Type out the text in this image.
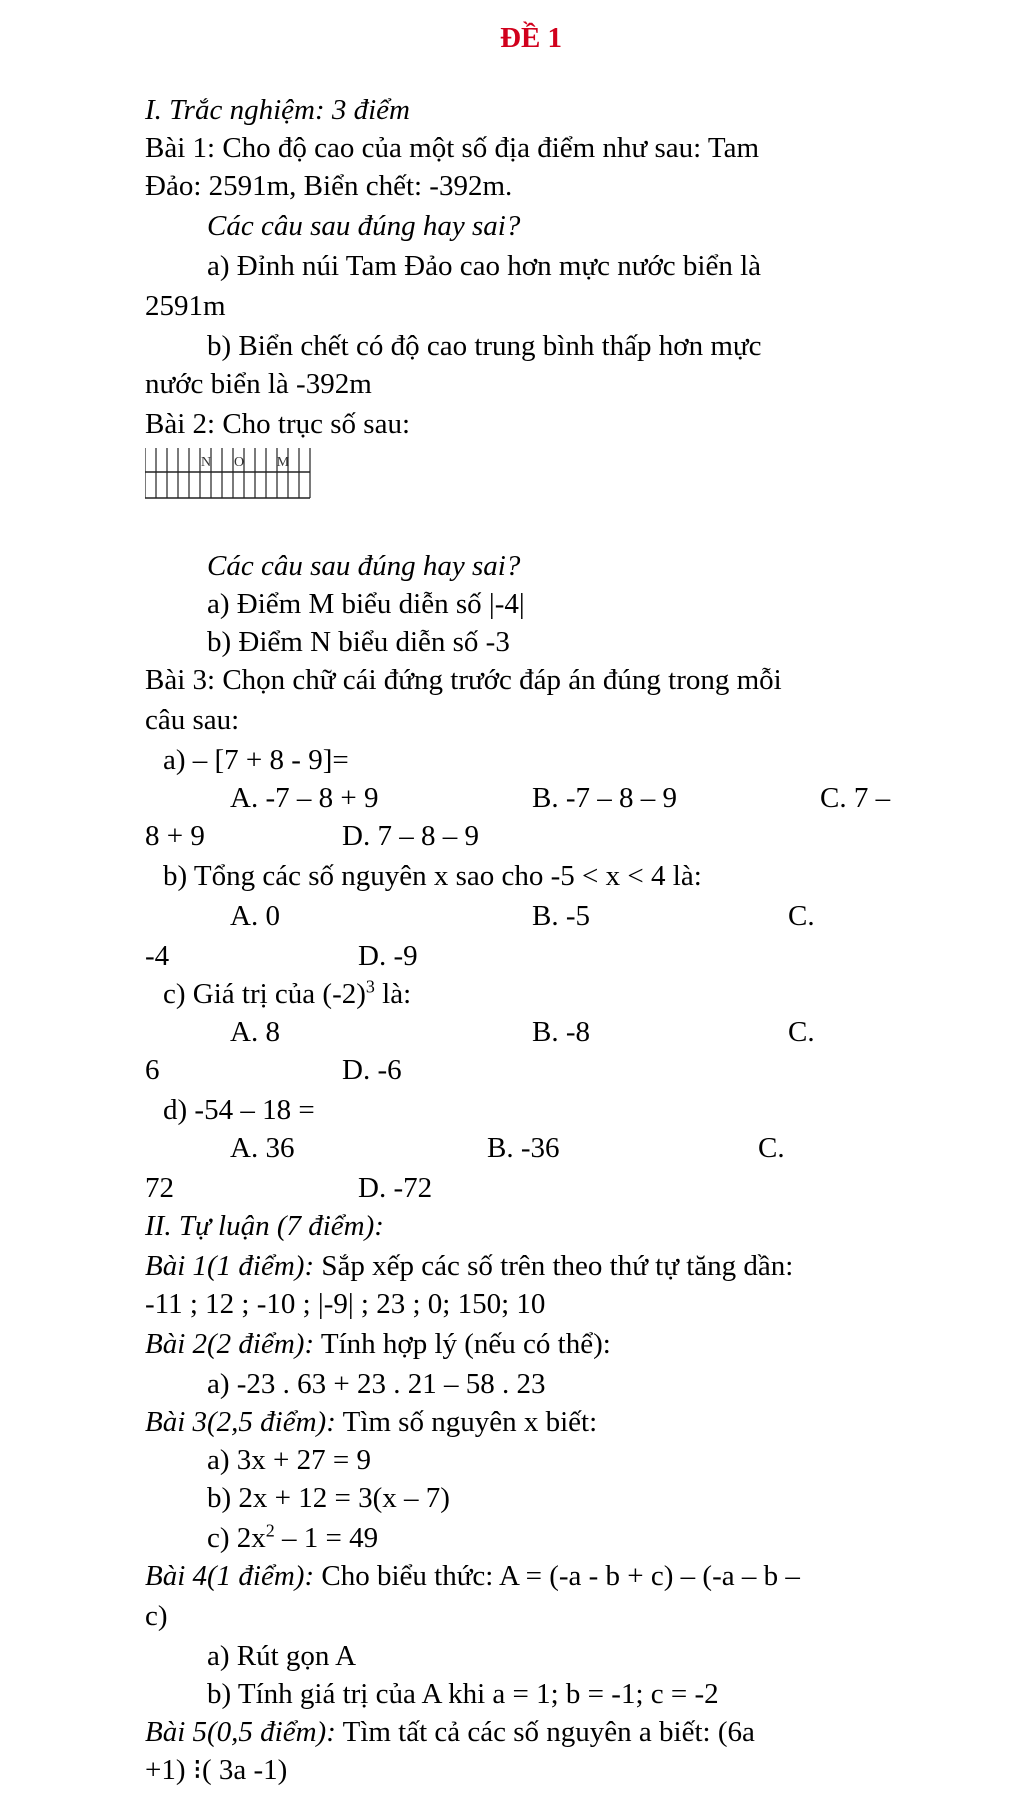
ĐỀ 1
I. Trắc nghiệm: 3 điểm
Bài 1: Cho độ cao của một số địa điểm như sau: Tam
Đảo: 2591m, Biển chết: -392m.
Các câu sau đúng hay sai?
a) Đỉnh núi Tam Đảo cao hơn mực nước biển là
2591m
b) Biển chết có độ cao trung bình thấp hơn mực
nước biển là -392m
Bài 2: Cho trục số sau:
N O M
Các câu sau đúng hay sai?
a) Điểm M biểu diễn số |-4|
b) Điểm N biểu diễn số -3
Bài 3: Chọn chữ cái đứng trước đáp án đúng trong mỗi
câu sau:
a) – [7 + 8 - 9]=
A. -7 – 8 + 9	B. -7 – 8 – 9	C. 7 –
8 + 9	D. 7 – 8 – 9
b) Tổng các số nguyên x sao cho -5 < x < 4 là:
A. 0	B. -5	C.
-4	D. -9
c) Giá trị của $(-2)^3$ là:
A. 8	B. -8	C.
6	D. -6
d) -54 – 18 =
A. 36	B. -36	C.
72	D. -72
II. Tự luận (7 điểm):
Bài 1(1 điểm): Sắp xếp các số trên theo thứ tự tăng dần:
-11 ; 12 ; -10 ; |-9| ; 23 ; 0; 150; 10
Bài 2(2 điểm): Tính hợp lý (nếu có thể):
a) -23 . 63 + 23 . 21 – 58 . 23
Bài 3(2,5 điểm): Tìm số nguyên x biết:
a) 3x + 27 = 9
b) 2x + 12 = 3(x – 7)
c) $2x^2 - 1 = 49$
Bài 4(1 điểm): Cho biểu thức: A = (-a - b + c) – (-a – b –
c)
a) Rút gọn A
b) Tính giá trị của A khi a = 1; b = -1; c = -2
Bài 5(0,5 điểm): Tìm tất cả các số nguyên a biết: (6a
+1) ⁝( 3a -1)
